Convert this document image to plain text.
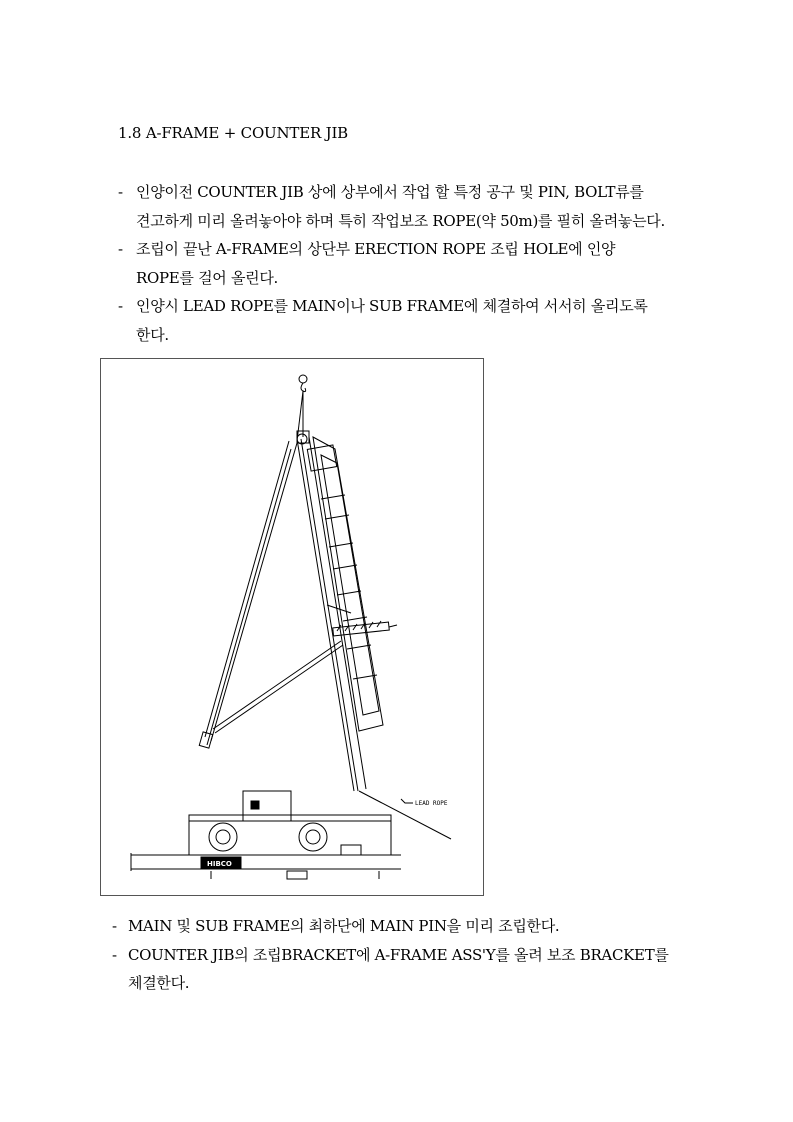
1.8 A-FRAME + COUNTER JIB
- 인양이전 COUNTER JIB 상에 상부에서 작업 할 특정 공구 및 PIN, BOLT류를
견고하게 미리 올려놓아야 하며 특히 작업보조 ROPE(약 50m)를 필히 올려놓는다.
- 조립이 끝난 A-FRAME의 상단부 ERECTION ROPE 조립 HOLE에 인양
ROPE를 걸어 올린다.
- 인양시 LEAD ROPE를 MAIN이나 SUB FRAME에 체결하여 서서히 올리도록
한다.
LEAD ROPE
HIBCO
- MAIN 및 SUB FRAME의 최하단에 MAIN PIN을 미리 조립한다.
- COUNTER JIB의 조립BRACKET에 A-FRAME ASS'Y를 올려 보조 BRACKET를
체결한다.
